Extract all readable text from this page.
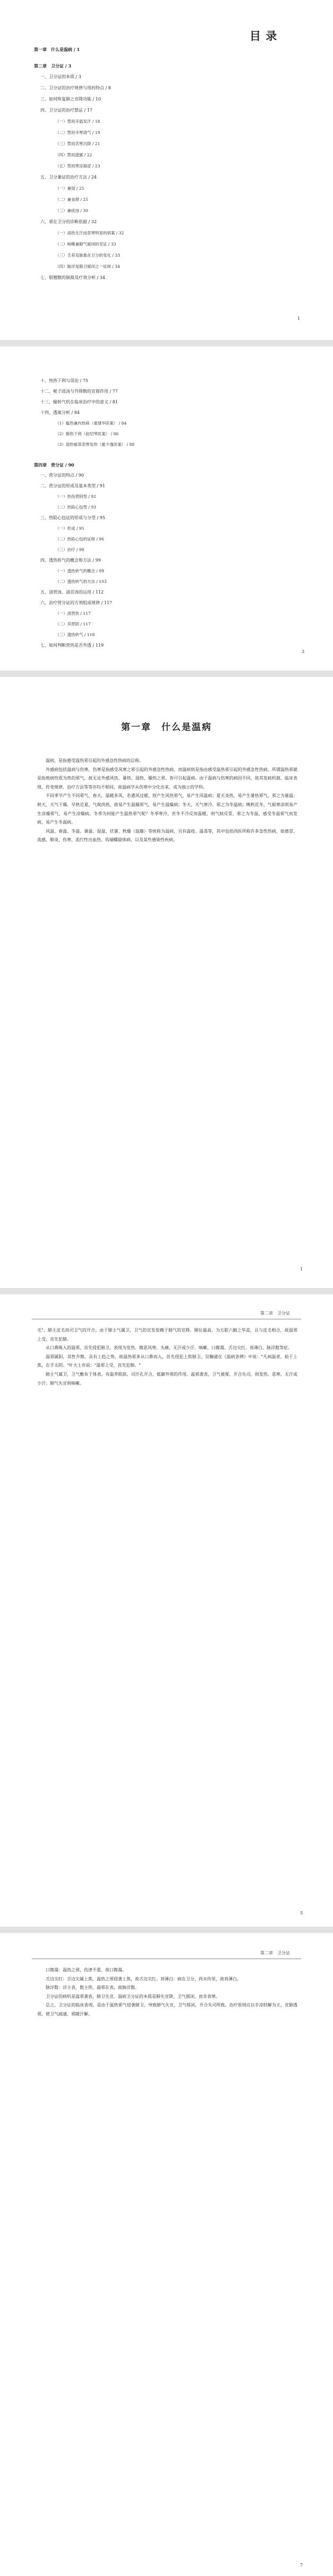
目 录
第一章　什么是温病 / 1
第二章　卫分证 / 3
一、卫分证的本质 / 3
二、卫分证的治疗规律与用药特点 / 8
三、如何恢复肺之宣降功能 / 10
四、卫分证的治疗禁忌 / 17
（一）禁用辛温发汗 / 18
（二）禁用辛寒清气 / 19
（三）禁用苦寒沉降 / 21
（四）禁用滋腻 / 22
（五）禁用寒凉凝涩 / 23
五、卫分兼证的治疗方法 / 24
（一）兼湿 / 25
（二）兼食滞 / 25
（三）兼痰浊 / 30
六、邪在卫分的诊断依据 / 32
（一）高热无汗而恶寒明显的病案 / 32
（二）咳嗽兼肺气郁闭的见证 / 33
（三）舌苔及脉象在卫分的变化 / 33
（四）脉浮是肺卫郁闭之一征候 / 34
七、银翘散的制裁及疗效分析 / 34
1
十、热热下利与误治 / 75
十二、栀子豉汤与升降散的宣郁作用 / 77
十三、输转气机在临床治疗中的意义 / 81
十四、透案分析 / 84
（1）瘟热兼内热病（重建华医案） / 84
（2）肺热下利（赵绍琴医案） / 86
（3）湿热郁蒸表寒发热（霍少逸医案） / 88
第四章　营分证 / 90
一、营分证的特点 / 90
二、营分证的形成及基本类型 / 91
（一）热伤营阴型 / 92
（二）热陷心包型 / 93
三、热陷心包证的形成与分型 / 95
（一）形成 / 95
（二）热陷心包的证候 / 96
（三）治疗 / 98
四、透热转气的概念和方法 / 99
（一）透热转气的概念 / 99
（二）透热转气的方法 / 103
五、清营汤、清宫汤的运用 / 112
六、治疗营分证的方剂组成规律 / 117
（一）清营热 / 117
（二）养营阴 / 117
（三）透热转气 / 118
七、如何判断营热是否外透 / 119
3
第一章　什么是温病

温病，是指感受温热邪引起的外感急性热病的总称。

外感病包括温病与伤寒。伤寒是指感受风寒之邪引起的外感急性热病，而温病则是指由感受温热邪引起的外感急性热病。所谓温热邪就是指致病性质为热的邪气，故无论外感风热、暑热、湿热、燥热之邪，皆可引起温病。由于温病与伤寒的病因不同，故其发病机制、临床表现、传变规律、治疗方法等等亦均不相同，故温病学从伤寒中分化出来，成为独立的学科。

不同季节产生不同邪气，春天，温暖多风，若遇风过暖，则产生风热邪气，易产生风温病；夏天炎热，易产生暑热邪气，邪之为暑温；秋天，天气干燥，早秋近夏，气候尚热，故易产生温燥邪气，易产生温燥病；冬天，天气寒冷，邪之为冬温病；晚秋近冬，气候寒凉则易产生凉燥邪气，易产生凉燥病。冬季为何能产生温热邪气呢？冬季寒冷，若冬不冷反而温暖，则气候反常，邪之为冬温，感受冬温邪气而发病，易产生冬温病。

风温、春温、冬温、暑温、湿温、伏暑、秋燥（温燥）等统称为温病，另有温疫、温毒等，其中包括西医所称许多急性热病，如感冒、流感、肺炎、伤寒、流行性出血热、钩端螺旋体病、以及某些感染性疾病。

1
第二章　卫分证

毛"，肺主皮毛而司卫气的开合。由于肺主气属卫，卫气的宣发依赖于肺气的宣降。肺位最高，为五脏六腑之华盖，且与皮毛相合，故温邪上受，首先犯肺。

从口鼻吸入的温邪，首先侵犯肺卫，表现为发热、微恶风寒、头痛、无汗或少汗、咳嗽、口微渴、舌边尖红、苔薄白、脉浮数等症。

温邪属阳，其性升散，具有上趋之势，故温热邪多从口鼻而入，首先侵犯上焦肺卫。吴鞠通在《温病条辨》中说："凡病温者，始于上焦，在手太阴。"叶天士亦说："温邪上受，首先犯肺。"

肺主气属卫，卫气敷布于体表，有温养肌肤、司汗孔开合、抵御外邪的作用。温邪袭表，卫气被郁，开合失司，则发热、恶寒、无汗或少汗；肺气失宣则咳嗽。

5
第二章　卫分证

口微渴：温热之邪，伤津不重，故口微渴。

舌边尖红：舌边尖属上焦，温热之邪侵袭上焦，故舌边尖红。苔薄白：病在卫分，尚未传里，故苔薄白。

脉浮数：浮主表，数主热，温邪在表，故脉浮数。

卫分证的病机是温邪袭表，肺卫失宣。温病卫分证的本质是肺失宣降，卫气郁闭，而非表寒。

总之，卫分证的临床表现，是由于温热邪气侵袭肺卫，导致肺气失宣，卫气郁闭，开合失司所致。治疗原则应以辛凉轻解为主，宣肺透邪，使卫气疏通，邪随汗解。

7
